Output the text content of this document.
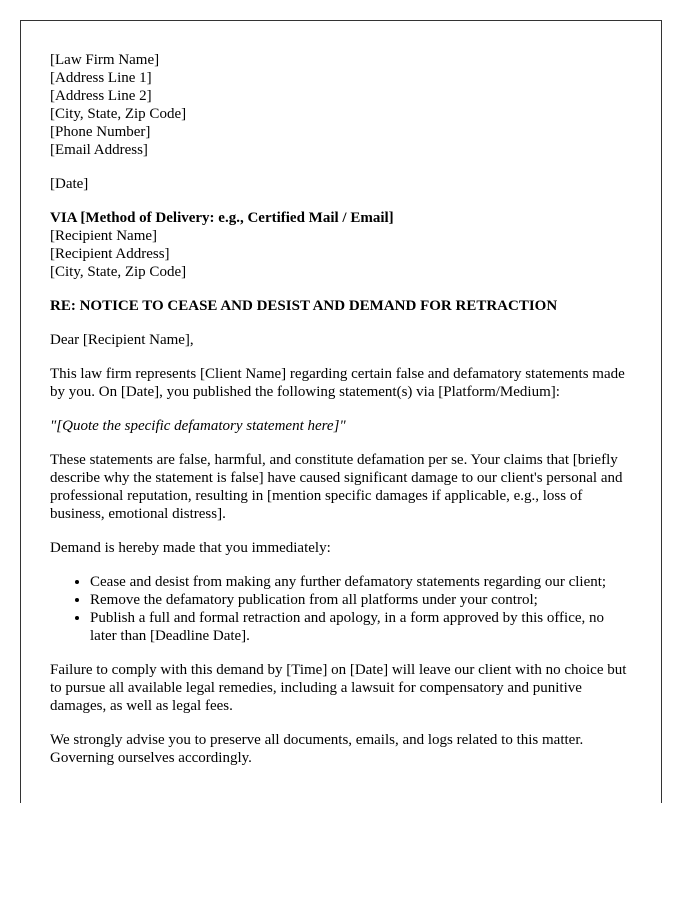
[Law Firm Name]
[Address Line 1]
[Address Line 2]
[City, State, Zip Code]
[Phone Number]
[Email Address]

[Date]

VIA [Method of Delivery: e.g., Certified Mail / Email]
[Recipient Name]
[Recipient Address]
[City, State, Zip Code]

RE: NOTICE TO CEASE AND DESIST AND DEMAND FOR RETRACTION

Dear [Recipient Name],

This law firm represents [Client Name] regarding certain false and defamatory statements made by you. On [Date], you published the following statement(s) via [Platform/Medium]:

"[Quote the specific defamatory statement here]"

These statements are false, harmful, and constitute defamation per se. Your claims that [briefly describe why the statement is false] have caused significant damage to our client's personal and professional reputation, resulting in [mention specific damages if applicable, e.g., loss of business, emotional distress].

Demand is hereby made that you immediately:

• Cease and desist from making any further defamatory statements regarding our client;
• Remove the defamatory publication from all platforms under your control;
• Publish a full and formal retraction and apology, in a form approved by this office, no later than [Deadline Date].

Failure to comply with this demand by [Time] on [Date] will leave our client with no choice but to pursue all available legal remedies, including a lawsuit for compensatory and punitive damages, as well as legal fees.

We strongly advise you to preserve all documents, emails, and logs related to this matter. Governing ourselves accordingly.
